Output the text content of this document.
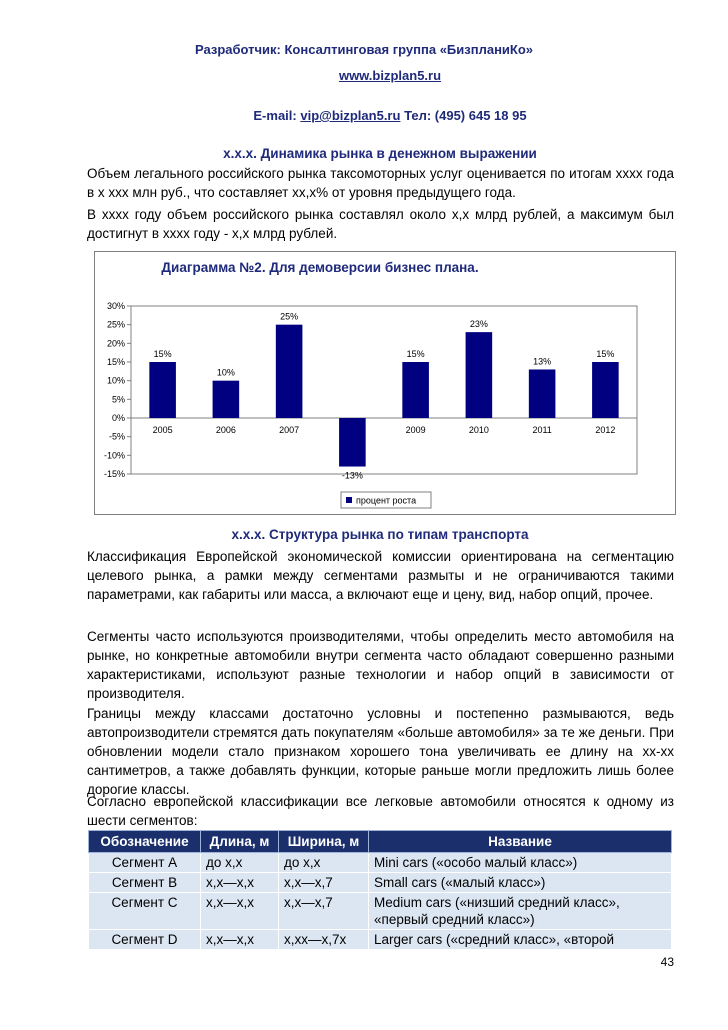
Разработчик: Консалтинговая группа «БизпланиКо»
www.bizplan5.ru
E-mail: vip@bizplan5.ru Тел: (495) 645 18 95
х.х.х. Динамика рынка в денежном выражении
Объем легального российского рынка таксомоторных услуг оценивается по итогам хххх года в х ххх млн руб., что составляет хх,х% от уровня предыдущего года.
В хххх году объем российского рынка составлял около х,х млрд рублей, а максимум был достигнут в хххх году - х,х млрд рублей.
Диаграмма №2. Для демоверсии бизнес плана.
30%
25%
20%
15%
10%
5%
0%
-5%
-10%
-15%
15%
2005
10%
2006
25%
2007
-13%
15%
2009
23%
2010
13%
2011
15%
2012
процент роста
х.х.х. Структура рынка по типам транспорта
Классификация Европейской экономической комиссии ориентирована на сегментацию целевого рынка, а рамки между сегментами размыты и не ограничиваются такими параметрами, как габариты или масса, а включают еще и цену, вид, набор опций, прочее.
Сегменты часто используются производителями, чтобы определить место автомобиля на рынке, но конкретные автомобили внутри сегмента часто обладают совершенно разными характеристиками, используют разные технологии и набор опций в зависимости от производителя.
Границы между классами достаточно условны и постепенно размываются, ведь автопроизводители стремятся дать покупателям «больше автомобиля» за те же деньги. При обновлении модели стало признаком хорошего тона увеличивать ее длину на хх-хх сантиметров, а также добавлять функции, которые раньше могли предложить лишь более дорогие классы.
Согласно европейской классификации все легковые автомобили относятся к одному из шести сегментов:
Обозначение	Длина, м	Ширина, м	Название
Сегмент A	до х,х	до х,х	Mini cars («особо малый класс»)
Сегмент B	х,х—х,х	х,х—х,7	Small cars («малый класс»)
Сегмент C	х,х—х,х	х,х—х,7	Medium cars («низший средний класс», «первый средний класс»)
Сегмент D	х,х—х,х	х,хх—х,7х	Larger cars («средний класс», «второй
43
